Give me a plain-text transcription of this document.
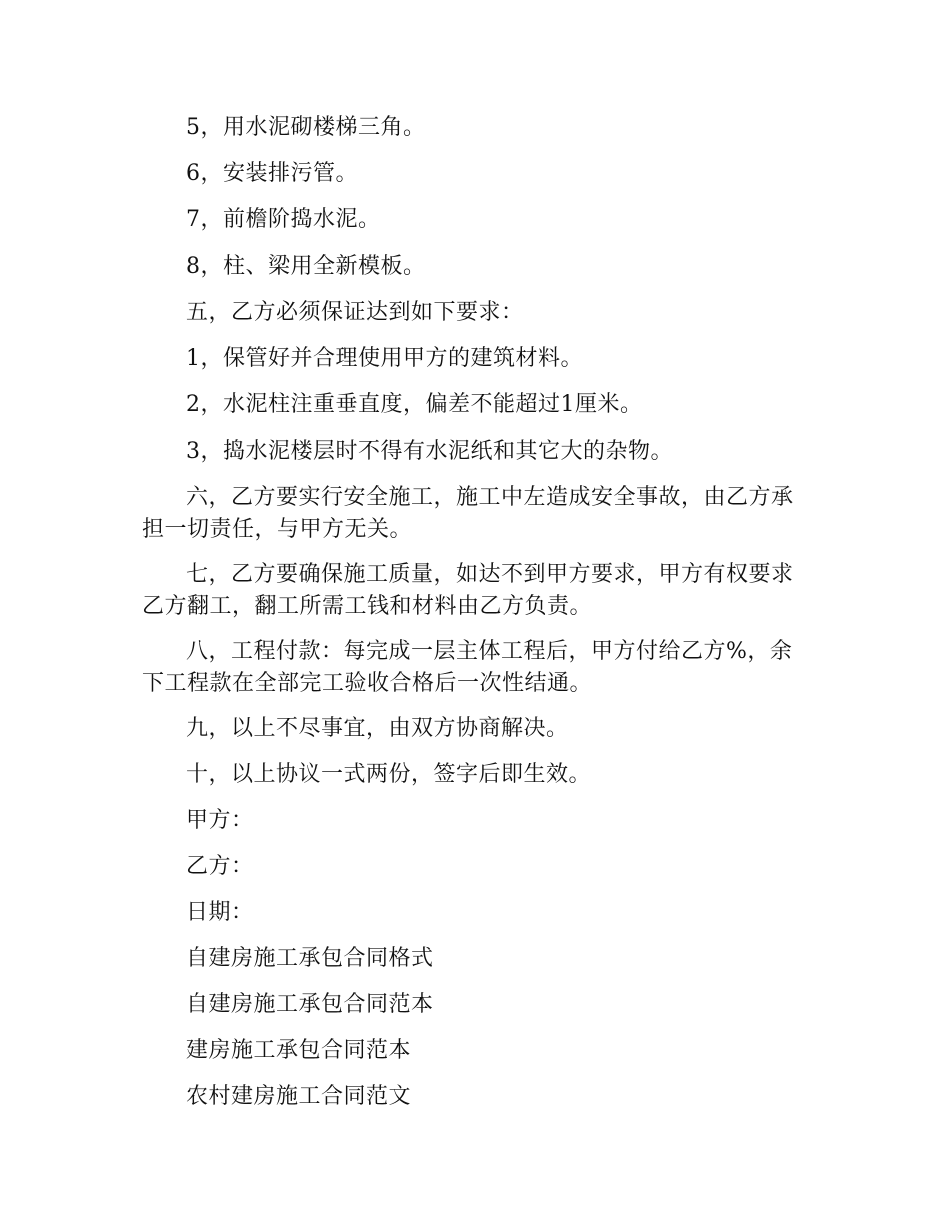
5，用水泥砌楼梯三角。

6，安装排污管。

7，前檐阶捣水泥。

8，柱、梁用全新模板。

五，乙方必须保证达到如下要求：

1，保管好并合理使用甲方的建筑材料。

2，水泥柱注重垂直度，偏差不能超过1厘米。

3，捣水泥楼层时不得有水泥纸和其它大的杂物。

六，乙方要实行安全施工，施工中左造成安全事故，由乙方承担一切责任，与甲方无关。

七，乙方要确保施工质量，如达不到甲方要求，甲方有权要求乙方翻工，翻工所需工钱和材料由乙方负责。

八，工程付款：每完成一层主体工程后，甲方付给乙方%，余下工程款在全部完工验收合格后一次性结通。

九，以上不尽事宜，由双方协商解决。

十，以上协议一式两份，签字后即生效。

甲方：

乙方：

日期：

自建房施工承包合同格式

自建房施工承包合同范本

建房施工承包合同范本

农村建房施工合同范文
